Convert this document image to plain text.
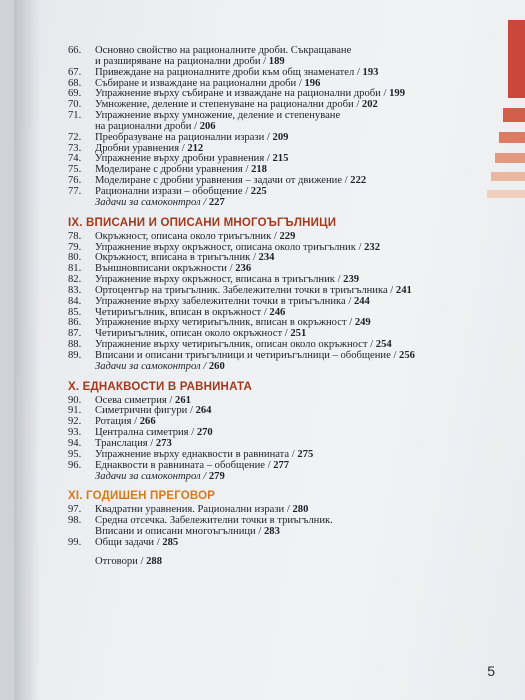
66. Основно свойство на рационалните дроби. Съкращаване
и разширяване на рационални дроби / 189
67. Привеждане на рационалните дроби към общ знаменател / 193
68. Събиране и изваждане на рационални дроби / 196
69. Упражнение върху събиране и изваждане на рационални дроби / 199
70. Умножение, деление и степенуване на рационални дроби / 202
71. Упражнение върху умножение, деление и степенуване
на рационални дроби / 206
72. Преобразуване на рационални изрази / 209
73. Дробни уравнения / 212
74. Упражнение върху дробни уравнения / 215
75. Моделиране с дробни уравнения / 218
76. Моделиране с дробни уравнения – задачи от движение / 222
77. Рационални изрази – обобщение / 225
Задачи за самоконтрол / 227
IX. ВПИСАНИ И ОПИСАНИ МНОГОЪГЪЛНИЦИ
78. Окръжност, описана около триъгълник / 229
79. Упражнение върху окръжност, описана около триъгълник / 232
80. Окръжност, вписана в триъгълник / 234
81. Външновписани окръжности / 236
82. Упражнение върху окръжност, вписана в триъгълник / 239
83. Ортоцентър на триъгълник. Забележителни точки в триъгълника / 241
84. Упражнение върху забележителни точки в триъгълника / 244
85. Четириъгълник, вписан в окръжност / 246
86. Упражнение върху четириъгълник, вписан в окръжност / 249
87. Четириъгълник, описан около окръжност / 251
88. Упражнение върху четириъгълник, описан около окръжност / 254
89. Вписани и описани триъгълници и четириъгълници – обобщение / 256
Задачи за самоконтрол / 260
X. ЕДНАКВОСТИ В РАВНИНАТА
90. Осева симетрия / 261
91. Симетрични фигури / 264
92. Ротация / 266
93. Централна симетрия / 270
94. Транслация / 273
95. Упражнение върху еднаквости в равнината / 275
96. Еднаквости в равнината – обобщение / 277
Задачи за самоконтрол / 279
XI. ГОДИШЕН ПРЕГОВОР
97. Квадратни уравнения. Рационални изрази / 280
98. Средна отсечка. Забележителни точки в триъгълник.
Вписани и описани многоъгълници / 283
99. Общи задачи / 285
Отговори / 288
5
